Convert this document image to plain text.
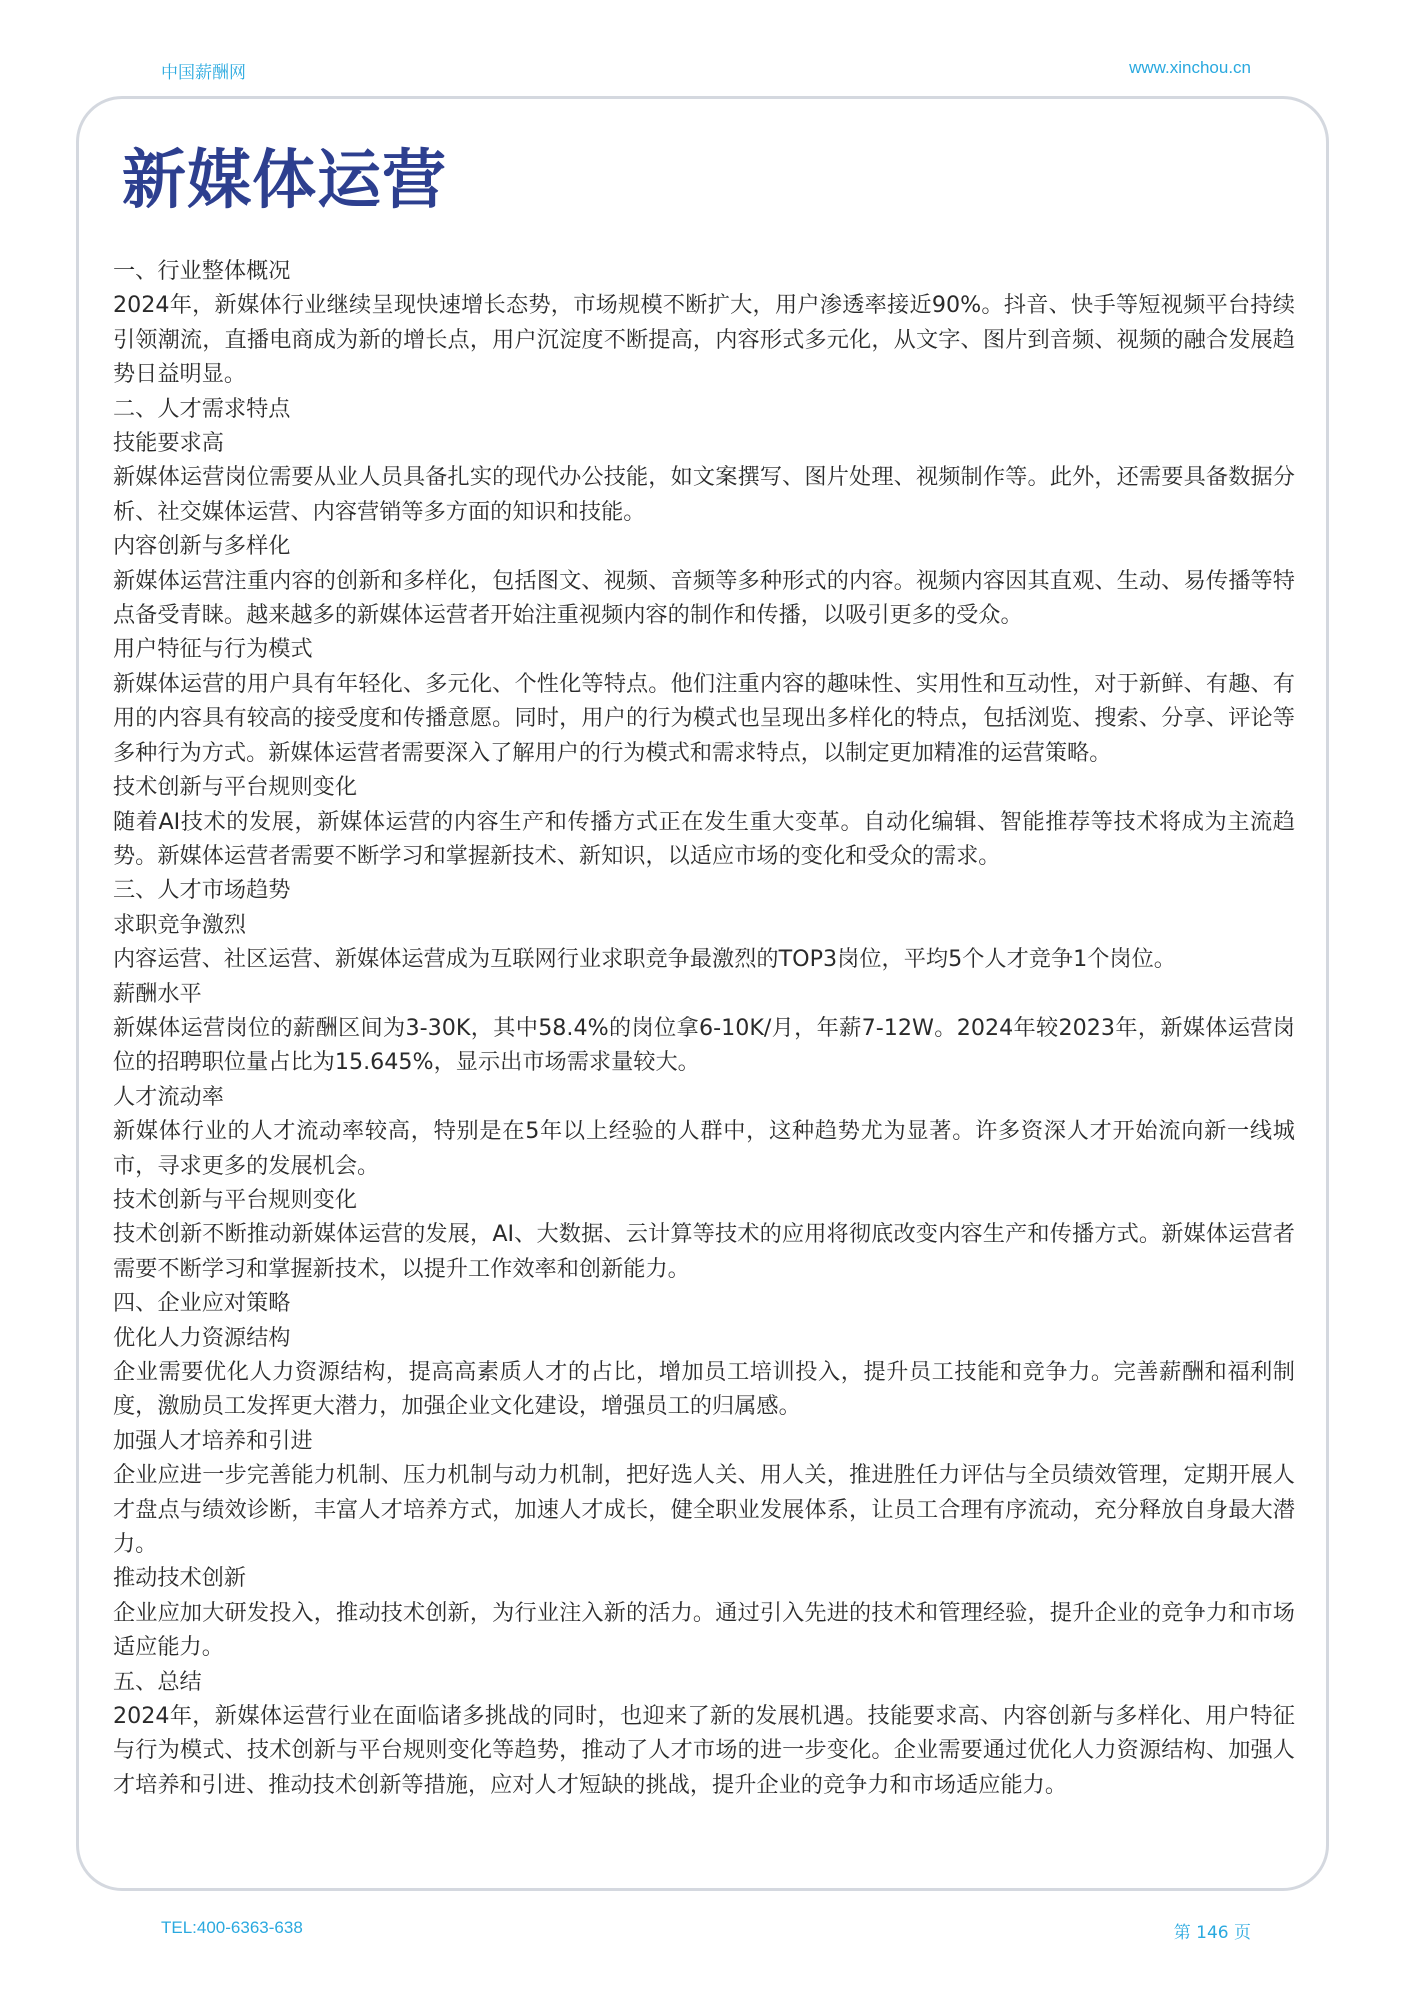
中国薪酬网	www.xinchou.cn
新媒体运营

一、行业整体概况

2024年，新媒体行业继续呈现快速增长态势，市场规模不断扩大，用户渗透率接近90%。抖音、快手等短视频平台持续引领潮流，直播电商成为新的增长点，用户沉淀度不断提高，内容形式多元化，从文字、图片到音频、视频的融合发展趋势日益明显。

二、人才需求特点

技能要求高

新媒体运营岗位需要从业人员具备扎实的现代办公技能，如文案撰写、图片处理、视频制作等。此外，还需要具备数据分析、社交媒体运营、内容营销等多方面的知识和技能。

内容创新与多样化

新媒体运营注重内容的创新和多样化，包括图文、视频、音频等多种形式的内容。视频内容因其直观、生动、易传播等特点备受青睐。越来越多的新媒体运营者开始注重视频内容的制作和传播，以吸引更多的受众。

用户特征与行为模式

新媒体运营的用户具有年轻化、多元化、个性化等特点。他们注重内容的趣味性、实用性和互动性，对于新鲜、有趣、有用的内容具有较高的接受度和传播意愿。同时，用户的行为模式也呈现出多样化的特点，包括浏览、搜索、分享、评论等多种行为方式。新媒体运营者需要深入了解用户的行为模式和需求特点，以制定更加精准的运营策略。

技术创新与平台规则变化

随着AI技术的发展，新媒体运营的内容生产和传播方式正在发生重大变革。自动化编辑、智能推荐等技术将成为主流趋势。新媒体运营者需要不断学习和掌握新技术、新知识，以适应市场的变化和受众的需求。

三、人才市场趋势

求职竞争激烈

内容运营、社区运营、新媒体运营成为互联网行业求职竞争最激烈的TOP3岗位，平均5个人才竞争1个岗位。

薪酬水平

新媒体运营岗位的薪酬区间为3-30K，其中58.4%的岗位拿6-10K/月，年薪7-12W。2024年较2023年，新媒体运营岗位的招聘职位量占比为15.645%，显示出市场需求量较大。

人才流动率

新媒体行业的人才流动率较高，特别是在5年以上经验的人群中，这种趋势尤为显著。许多资深人才开始流向新一线城市，寻求更多的发展机会。

技术创新与平台规则变化

技术创新不断推动新媒体运营的发展，AI、大数据、云计算等技术的应用将彻底改变内容生产和传播方式。新媒体运营者需要不断学习和掌握新技术，以提升工作效率和创新能力。

四、企业应对策略

优化人力资源结构

企业需要优化人力资源结构，提高高素质人才的占比，增加员工培训投入，提升员工技能和竞争力。完善薪酬和福利制度，激励员工发挥更大潜力，加强企业文化建设，增强员工的归属感。

加强人才培养和引进

企业应进一步完善能力机制、压力机制与动力机制，把好选人关、用人关，推进胜任力评估与全员绩效管理，定期开展人才盘点与绩效诊断，丰富人才培养方式，加速人才成长，健全职业发展体系，让员工合理有序流动，充分释放自身最大潜力。

推动技术创新

企业应加大研发投入，推动技术创新，为行业注入新的活力。通过引入先进的技术和管理经验，提升企业的竞争力和市场适应能力。

五、总结

2024年，新媒体运营行业在面临诸多挑战的同时，也迎来了新的发展机遇。技能要求高、内容创新与多样化、用户特征与行为模式、技术创新与平台规则变化等趋势，推动了人才市场的进一步变化。企业需要通过优化人力资源结构、加强人才培养和引进、推动技术创新等措施，应对人才短缺的挑战，提升企业的竞争力和市场适应能力。

TEL:400-6363-638	第 146 页
